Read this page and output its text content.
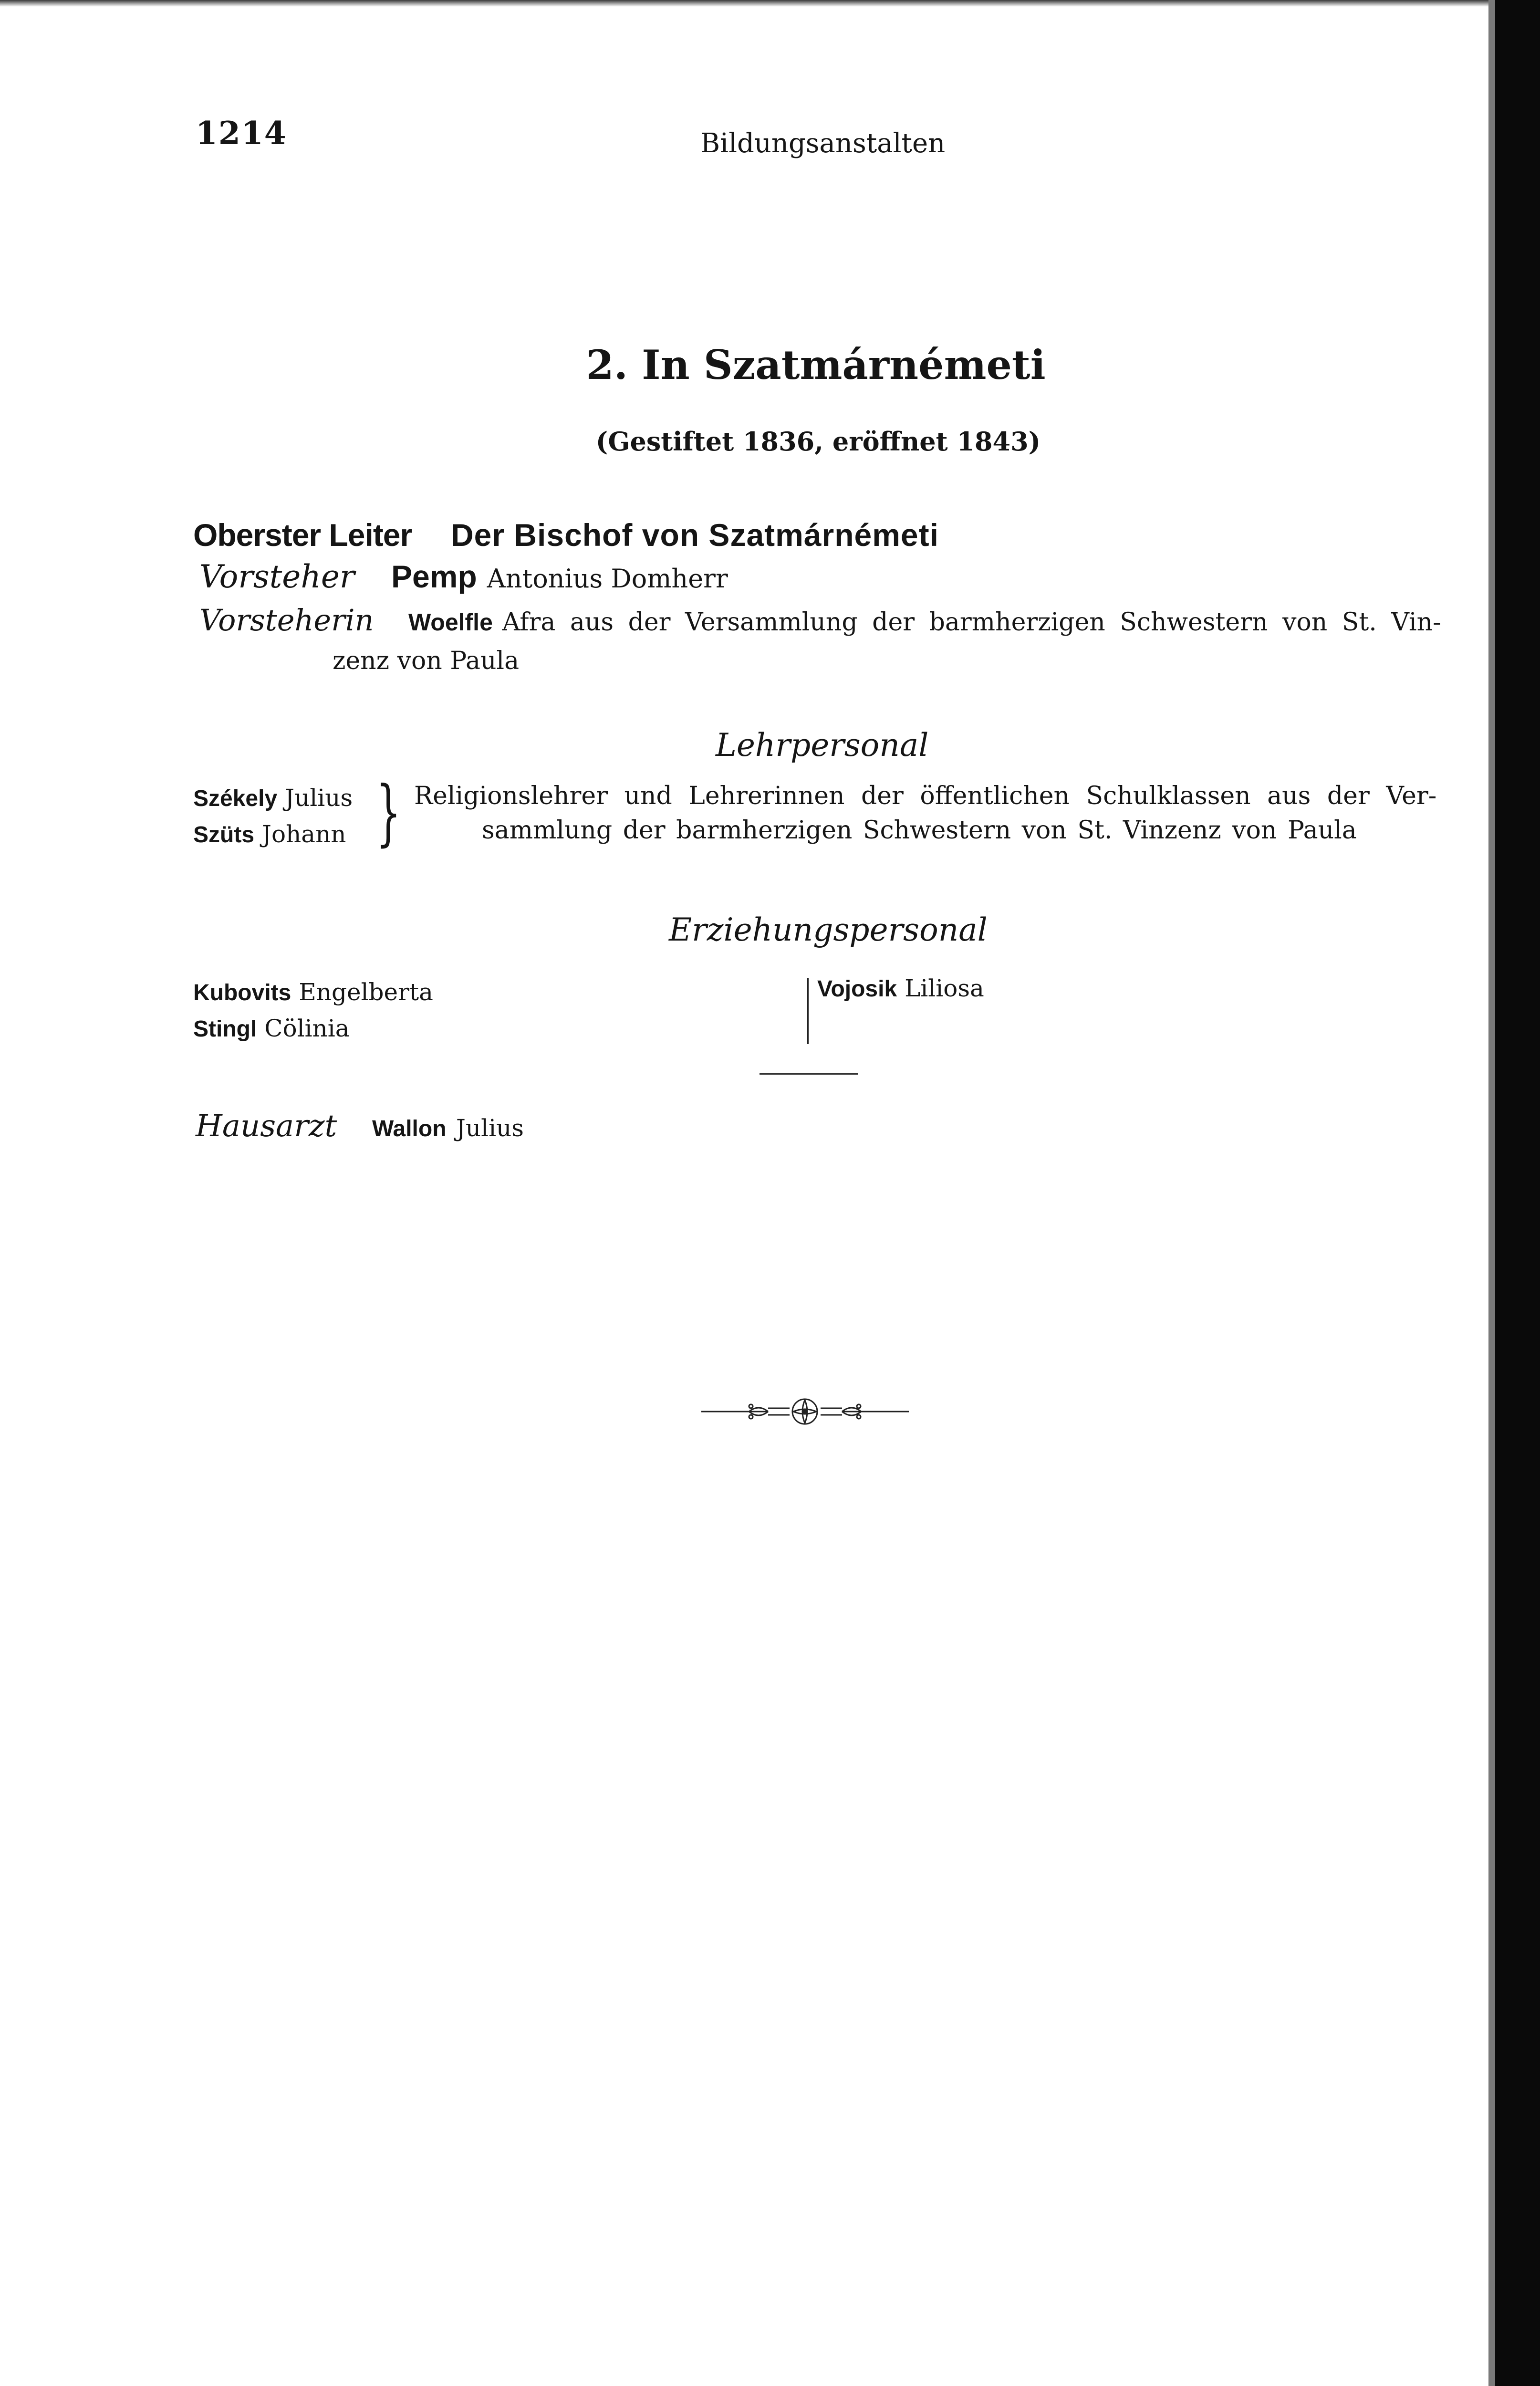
1214	Bildungsanstalten
2. In Szatmárnémeti
(Gestiftet 1836, eröffnet 1843)
Oberster Leiter Der Bischof von Szatmárnémeti
Vorsteher Pemp Antonius Domherr
Vorsteherin Woelfle Afra aus der Versammlung der barmherzigen Schwestern von St. Vin-
zenz von Paula
Lehrpersonal
Székely Julius
Szüts Johann } Religionslehrer und Lehrerinnen der öffentlichen Schulklassen aus der Ver-
sammlung der barmherzigen Schwestern von St. Vinzenz von Paula
Erziehungspersonal
Kubovits Engelberta
Stingl Cölinia
Vojosik Liliosa
Hausarzt Wallon Julius
